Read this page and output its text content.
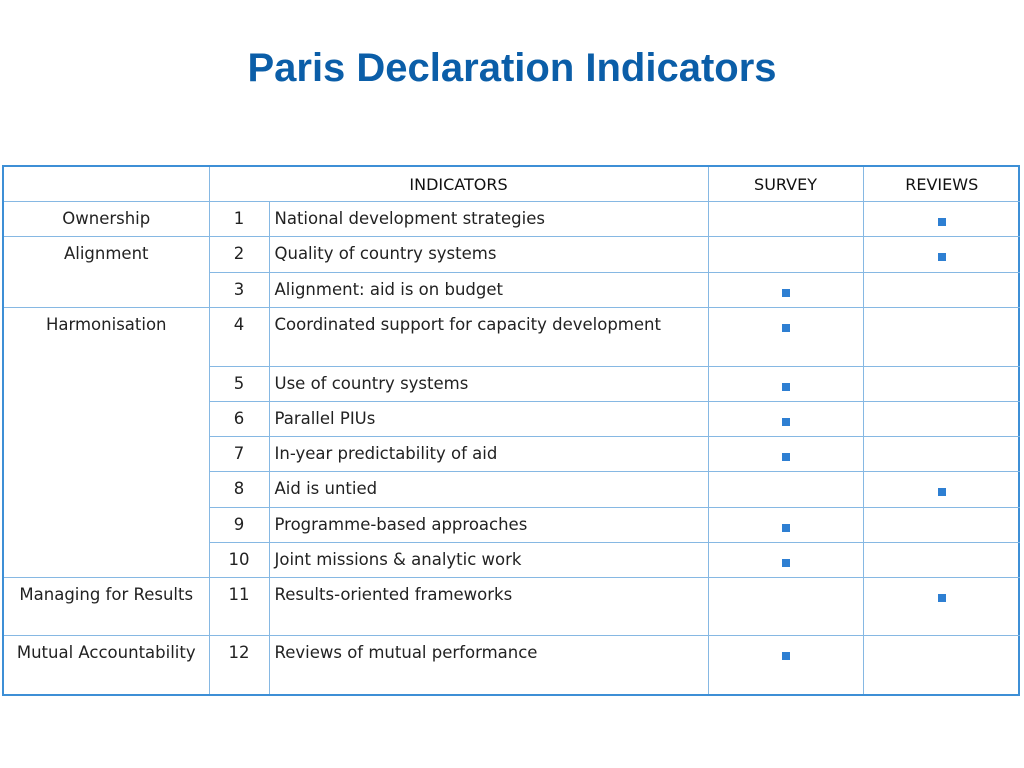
Paris Declaration Indicators
	INDICATORS		SURVEY	REVIEWS
Ownership	1	National development strategies		
Alignment	2	Quality of country systems		
	3	Alignment: aid is on budget		
Harmonisation	4	Coordinated support for capacity development		
	5	Use of country systems		
	6	Parallel PIUs		
	7	In-year predictability of aid		
	8	Aid is untied		
	9	Programme-based approaches		
	10	Joint missions & analytic work		
Managing for Results	11	Results-oriented frameworks		
Mutual Accountability	12	Reviews of mutual performance		
